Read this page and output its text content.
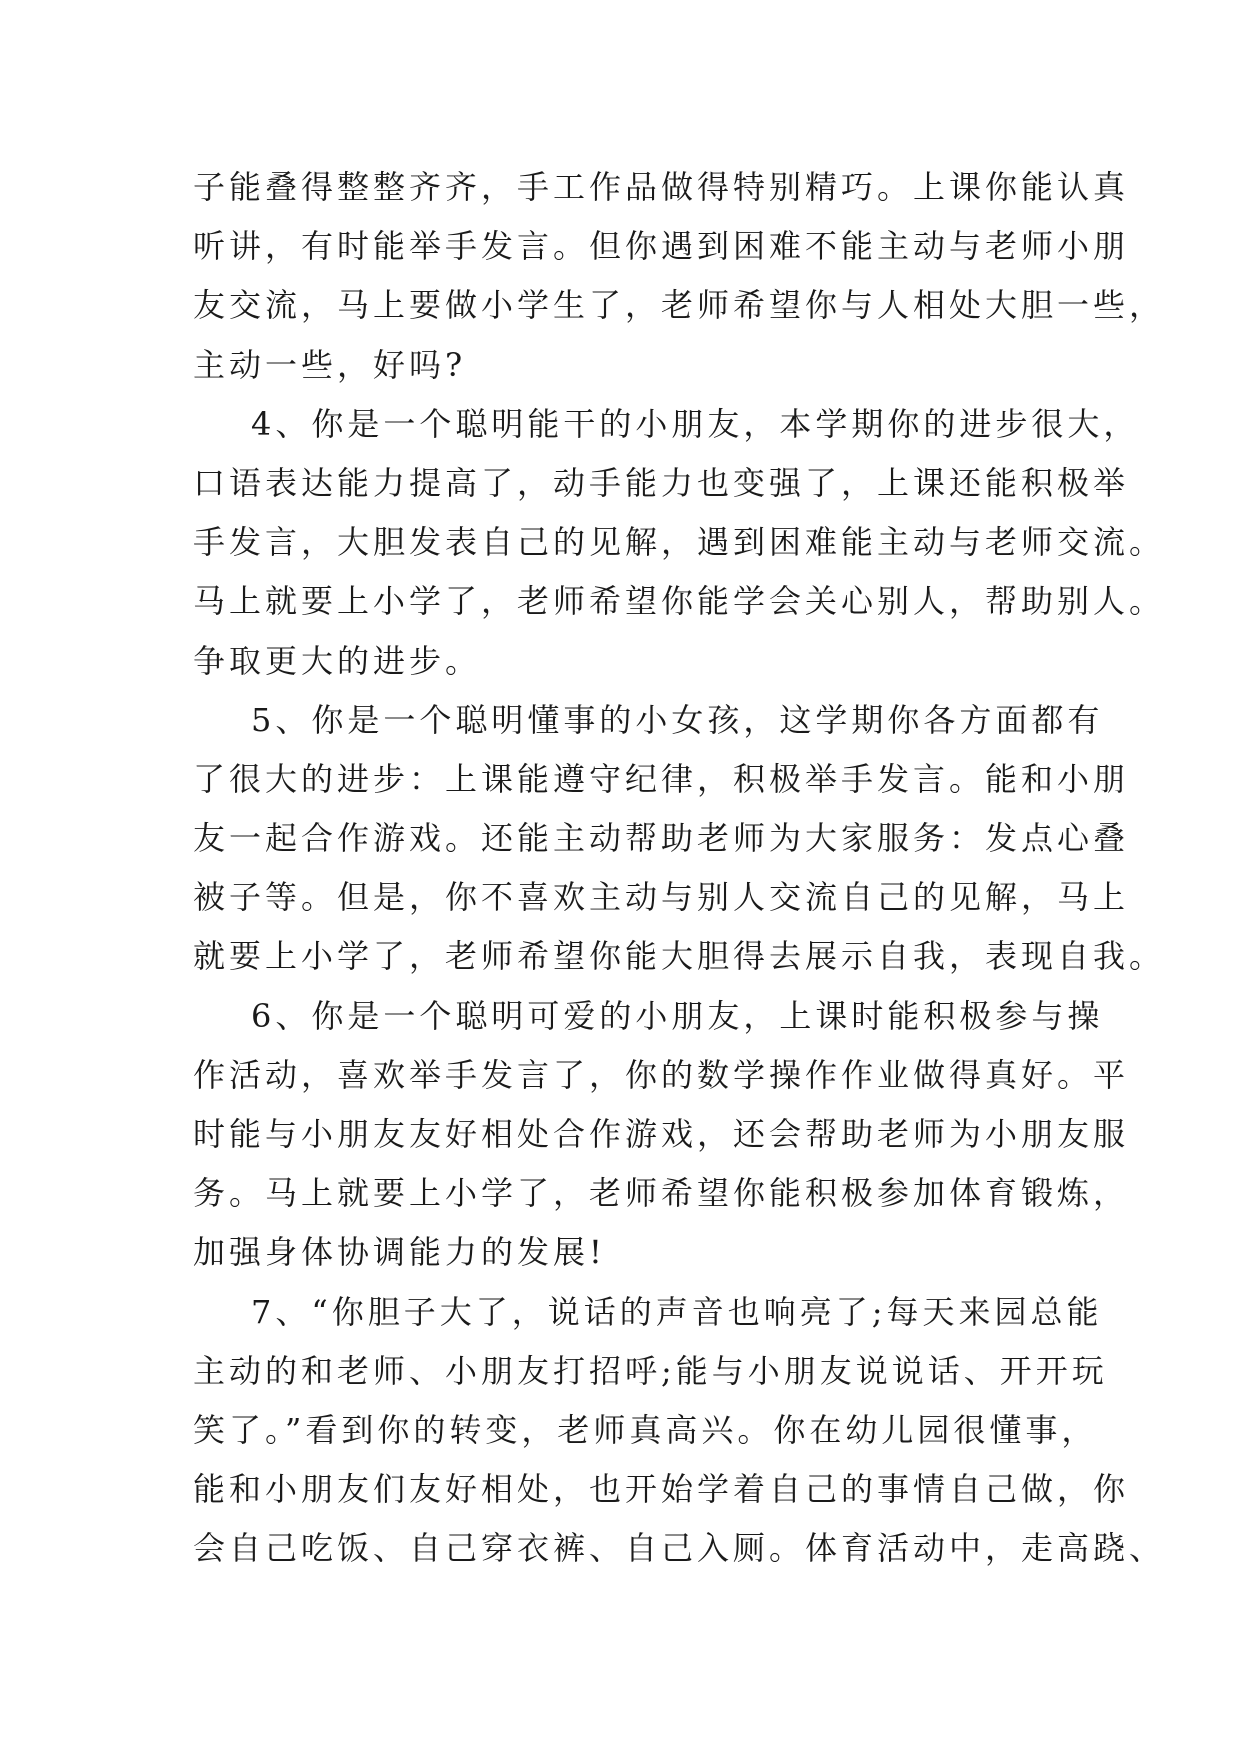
子能叠得整整齐齐，手工作品做得特别精巧。上课你能认真
听讲，有时能举手发言。但你遇到困难不能主动与老师小朋
友交流，马上要做小学生了，老师希望你与人相处大胆一些，
主动一些，好吗?
4、你是一个聪明能干的小朋友，本学期你的进步很大，
口语表达能力提高了，动手能力也变强了，上课还能积极举
手发言，大胆发表自己的见解，遇到困难能主动与老师交流。
马上就要上小学了，老师希望你能学会关心别人，帮助别人。
争取更大的进步。
5、你是一个聪明懂事的小女孩，这学期你各方面都有
了很大的进步：上课能遵守纪律，积极举手发言。能和小朋
友一起合作游戏。还能主动帮助老师为大家服务：发点心叠
被子等。但是，你不喜欢主动与别人交流自己的见解，马上
就要上小学了，老师希望你能大胆得去展示自我，表现自我。
6、你是一个聪明可爱的小朋友，上课时能积极参与操
作活动，喜欢举手发言了，你的数学操作作业做得真好。平
时能与小朋友友好相处合作游戏，还会帮助老师为小朋友服
务。马上就要上小学了，老师希望你能积极参加体育锻炼，
加强身体协调能力的发展!
7、“你胆子大了，说话的声音也响亮了;每天来园总能
主动的和老师、小朋友打招呼;能与小朋友说说话、开开玩
笑了。”看到你的转变，老师真高兴。你在幼儿园很懂事，
能和小朋友们友好相处，也开始学着自己的事情自己做，你
会自己吃饭、自己穿衣裤、自己入厕。体育活动中，走高跷、
